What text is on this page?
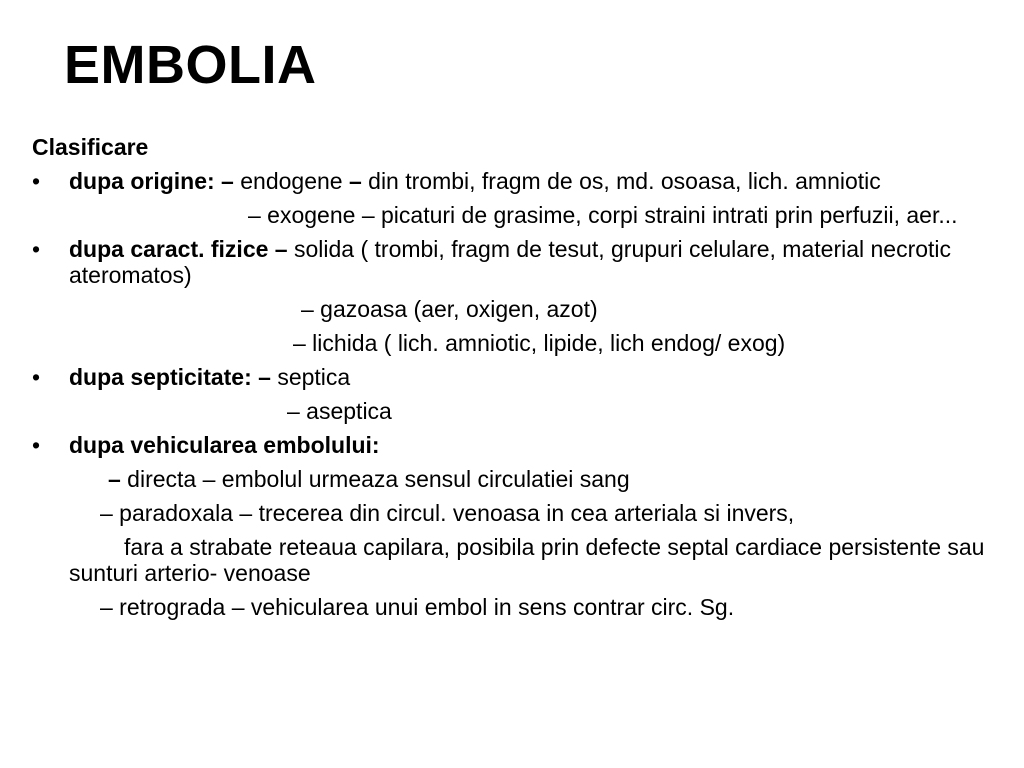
EMBOLIA

Clasificare

•	dupa origine: – endogene – din trombi, fragm de os, md. osoasa, lich. amniotic

– exogene – picaturi de grasime, corpi straini intrati prin perfuzii, aer...

•	dupa caract. fizice – solida ( trombi, fragm de tesut, grupuri celulare, material necrotic ateromatos)

– gazoasa (aer, oxigen, azot)

– lichida ( lich. amniotic, lipide, lich endog/ exog)

•	dupa septicitate: – septica

– aseptica

•	dupa vehicularea embolului:

– directa – embolul urmeaza sensul circulatiei sang

– paradoxala – trecerea din circul. venoasa in cea arteriala si invers,

fara a strabate reteaua capilara, posibila prin defecte septal cardiace persistente sau sunturi arterio- venoase

– retrograda – vehicularea unui embol in sens contrar circ. Sg.
